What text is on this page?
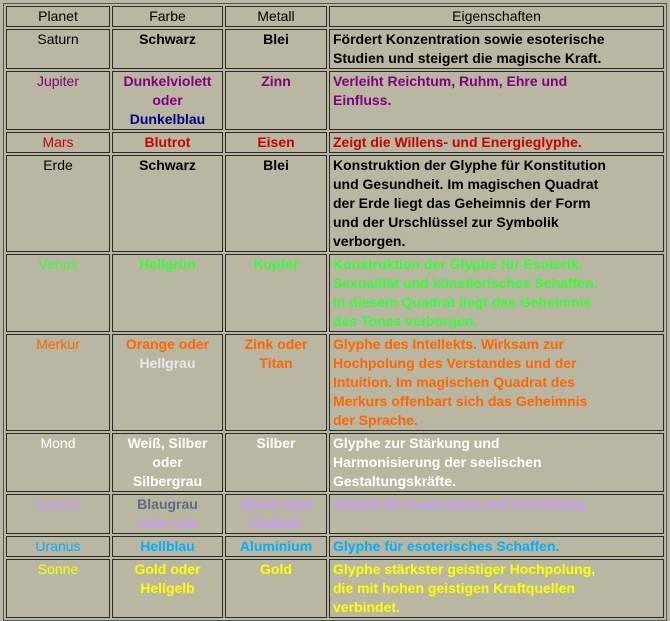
Planet	Farbe	Metall	Eigenschaften
Saturn	Schwarz	Blei	Fördert Konzentration sowie esoterische
Studien und steigert die magische Kraft.

Jupiter	Dunkelviolett
oder
Dunkelblau	Zinn	Verleiht Reichtum, Ruhm, Ehre und
Einfluss.

Mars	Blutrot	Eisen	Zeigt die Willens- und Energieglyphe.

Erde	Schwarz	Blei	Konstruktion der Glyphe für Konstitution
und Gesundheit. Im magischen Quadrat
der Erde liegt das Geheimnis der Form
und der Urschlüssel zur Symbolik
verborgen.

Venus	Hellgrün	Kupfer	Konstruktion der Glyphe für Esoterik,
Sexualität und künstlerisches Schaffen.
In diesem Quadrat liegt das Geheimnis
des Tones verborgen.

Merkur	Orange oder
Hellgrau	Zink oder
Titan	Glyphe des Intellekts. Wirksam zur
Hochpolung des Verstandes und der
Intuition. Im magischen Quadrat des
Merkurs offenbart sich das Geheimnis
der Sprache.

Mond	Weiß, Silber
oder
Silbergrau	Silber	Glyphe zur Stärkung und
Harmonisierung der seelischen
Gestaltungskräfte.

Neptun	Blaugrau
oder Lila	Olivin oder
Radium	Glyphe für Inspiration und Einfühlung

Uranus	Hellblau	Aluminium	Glyphe für esoterisches Schaffen.

Sonne	Gold oder
Hellgelb	Gold	Glyphe stärkster geistiger Hochpolung,
die mit hohen geistigen Kraftquellen
verbindet.
